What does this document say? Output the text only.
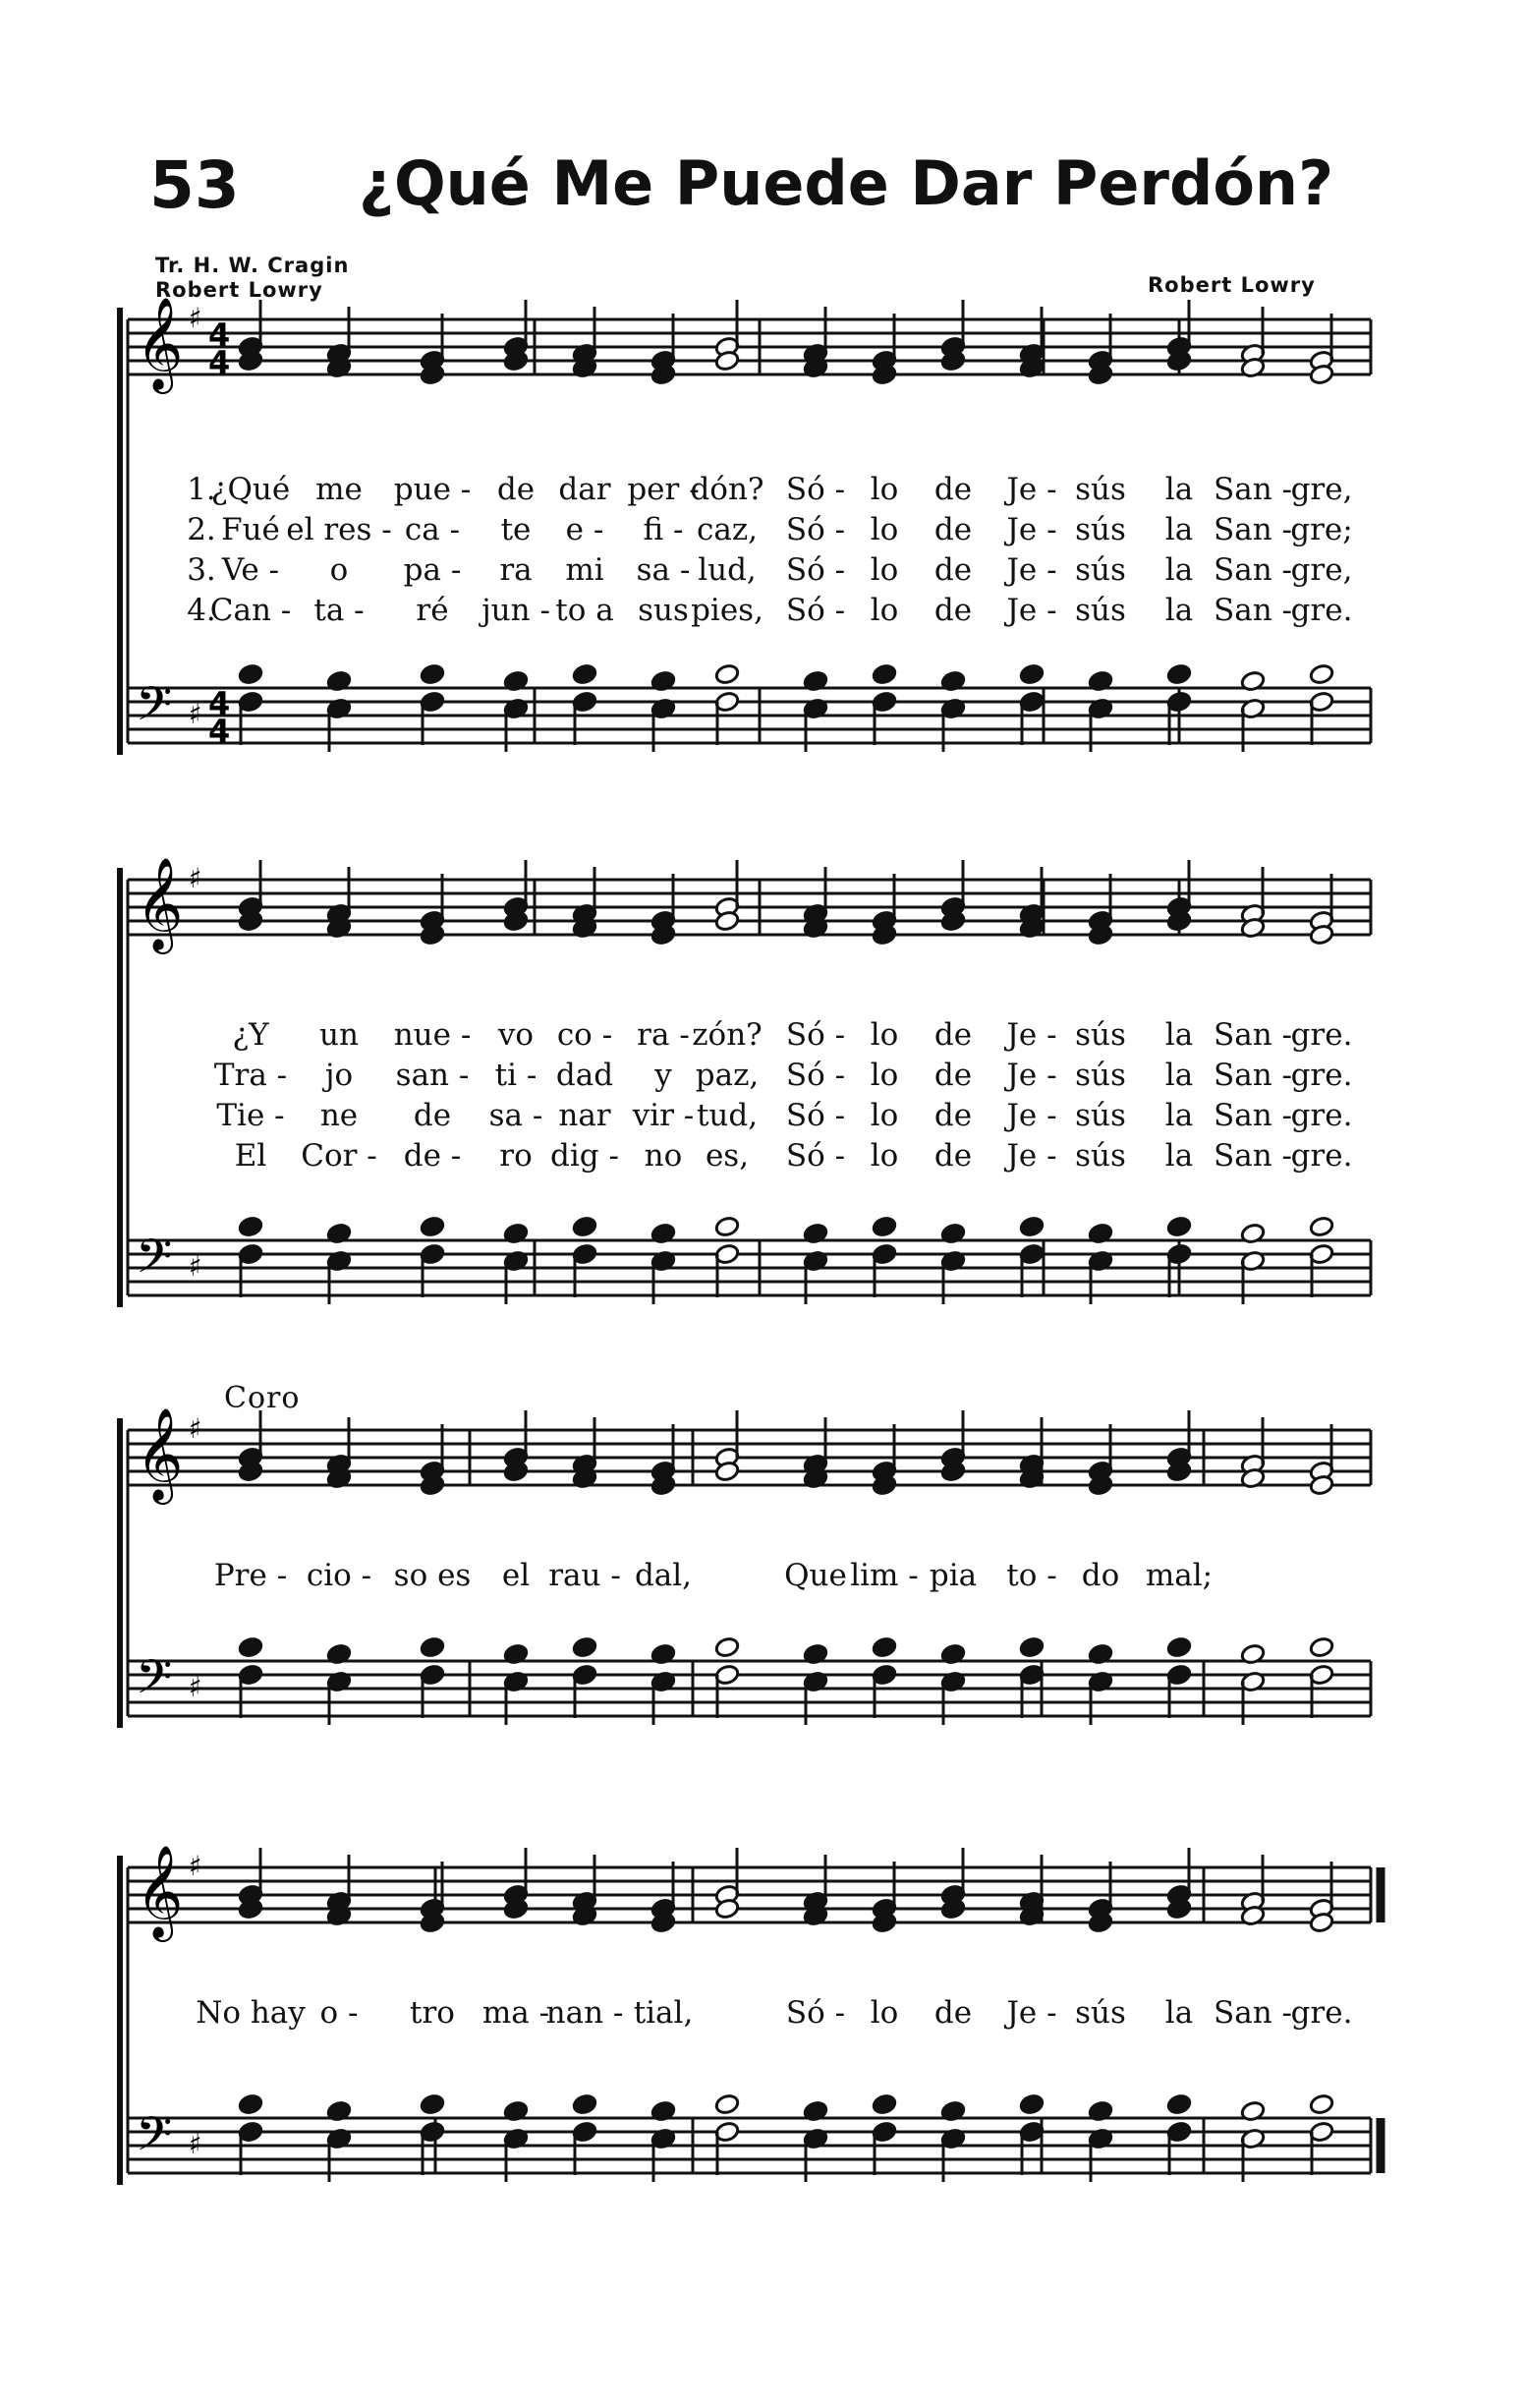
53 ¿Qué Me Puede Dar Perdón?
Tr. H. W. Cragin
Robert Lowry	Robert Lowry
Coro
𝄞
𝄢
♯
♯
4
4
4
4
𝄞
𝄢
♯
♯
𝄞
𝄢
♯
♯
𝄞
𝄢
♯
♯
1.
¿Qué me pue - de dar per -
dón? Só - lo de Je - sús la San -
gre,
2. Fué el res - ca - te e - fi - caz, Só - lo de Je - sús la San -
gre;
3. Ve - o pa - ra mi sa - lud, Só - lo de Je - sús la San -
gre,
4.
Can - ta - ré jun - to a sus pies, Só - lo de Je - sús la San -
gre.
¿Y un nue - vo co - ra - zón? Só - lo de Je - sús la San -
gre.
Tra - jo san - ti - dad y paz, Só - lo de Je - sús la San -
gre.
Tie - ne de sa - nar vir - tud, Só - lo de Je - sús la San -
gre.
El Cor - de - ro dig - no es, Só - lo de Je - sús la San -
gre.
Pre - cio - so es el rau - dal,	Que lim - pia to - do mal;
No hay o - tro ma -
nan - tial,	Só - lo de Je - sús la San -
gre.
